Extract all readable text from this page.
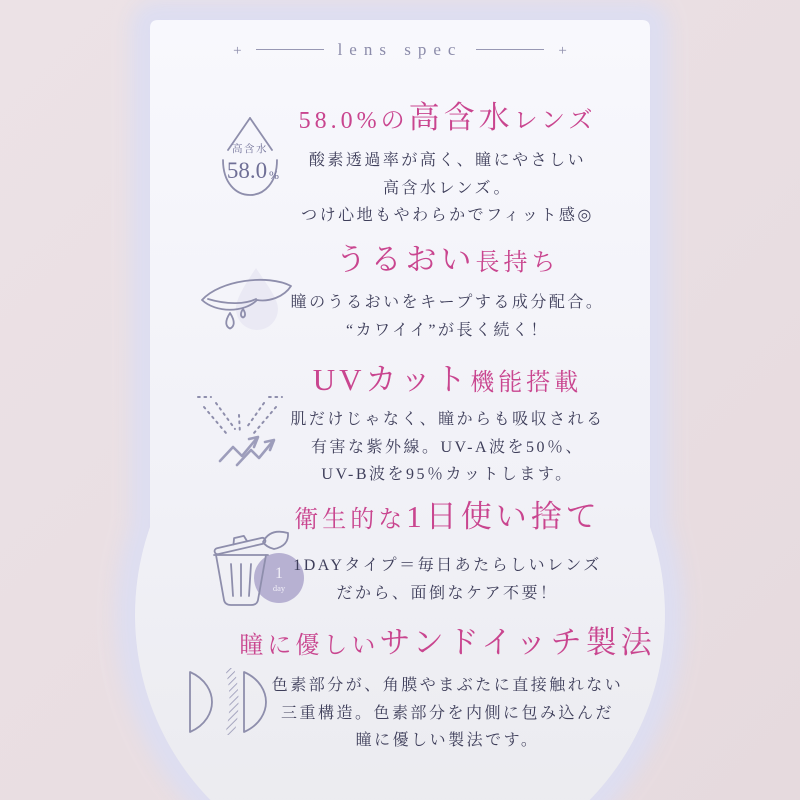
+	lens spec	+
高含水
58.0 %
58.0%の高含水レンズ
酸素透過率が高く、瞳にやさしい
高含水レンズ。
つけ心地もやわらかでフィット感◎
うるおい長持ち
瞳のうるおいをキープする成分配合。
“カワイイ”が長く続く！
UVカット機能搭載
肌だけじゃなく、瞳からも吸収される
有害な紫外線。UV-A波を50％、
UV-B波を95％カットします。
1
day
衛生的な1日使い捨て
1DAYタイプ＝毎日あたらしいレンズ
だから、面倒なケア不要！
瞳に優しいサンドイッチ製法
色素部分が、角膜やまぶたに直接触れない
三重構造。色素部分を内側に包み込んだ
瞳に優しい製法です。
